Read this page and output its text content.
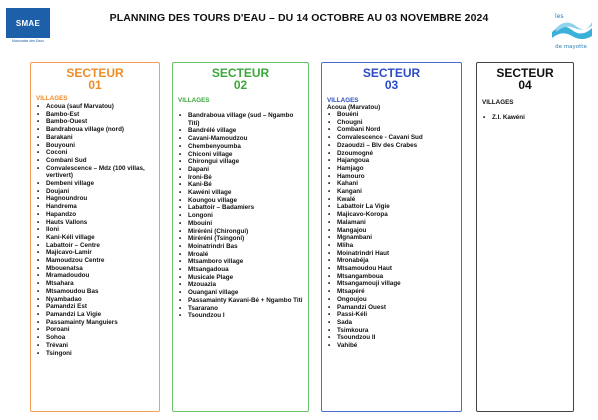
SMAE
Mahoraise des Eaux
PLANNING DES TOURS D'EAU – DU 14 OCTOBRE AU 03 NOVEMBRE 2024	les
de mayotte
SECTEUR
01
VILLAGES
• Acoua (sauf Marvatou)
• Bambo-Est
• Bambo-Ouest
• Bandraboua village (nord)
• Barakani
• Bouyouni
• Coconi
• Combani Sud
• Convalescence – Mdz (100 villas, vertivert)
• Dembeni village
• Doujani
• Hagnoundrou
• Handrema
• Hapandzo
• Hauts Vallons
• Iloni
• Kani-Kéli village
• Labattoir – Centre
• Majicavo-Lamir
• Mamoudzou Centre
• Mbouenatsa
• Mramadoudou
• Mtsahara
• Mtsamoudou Bas
• Nyambadao
• Pamandzi Est
• Pamandzi La Vigie
• Passamainty Manguiers
• Poroani
• Sohoa
• Trévani
• Tsingoni
SECTEUR
02
VILLAGES
• Bandraboua village (sud – Ngambo Titi)
• Bandrélé village
• Cavani-Mamoudzou
• Chembenyoumba
• Chiconi village
• Chirongui village
• Dapani
• Ironi-Bé
• Kani-Bé
• Kawéni village
• Koungou village
• Labattoir – Badamiers
• Longoni
• Mbouini
• Miréréni (Chirongui)
• Miréréni (Tsingoni)
• Moinatrindri Bas
• Mroalé
• Mtsamboro village
• Mtsangadoua
• Musicale Plage
• Mzouazia
• Ouangani village
• Passamainty Kavani-Bé + Ngambo Titi
• Tsararano
• Tsoundzou I
SECTEUR
03
VILLAGES
Acoua (Marvatou)
• Bouéni
• Chougni
• Combani Nord
• Convalescence - Cavani Sud
• Dzaoudzi – Blv des Crabes
• Dzoumogné
• Hajangoua
• Hamjago
• Hamouro
• Kahani
• Kangani
• Kwalé
• Labattoir La Vigie
• Majicavo-Koropa
• Malamani
• Mangajou
• Mgnambani
• Mliha
• Moinatrindri Haut
• Mronabéja
• Mtsamoudou Haut
• Mtsangamboua
• Mtsangamouji village
• Mtsapéré
• Ongoujou
• Pamandzi Ouest
• Passi-Kéli
• Sada
• Tsimkoura
• Tsoundzou II
• Vahibé
SECTEUR
04
VILLAGES
• Z.I. Kawéni
